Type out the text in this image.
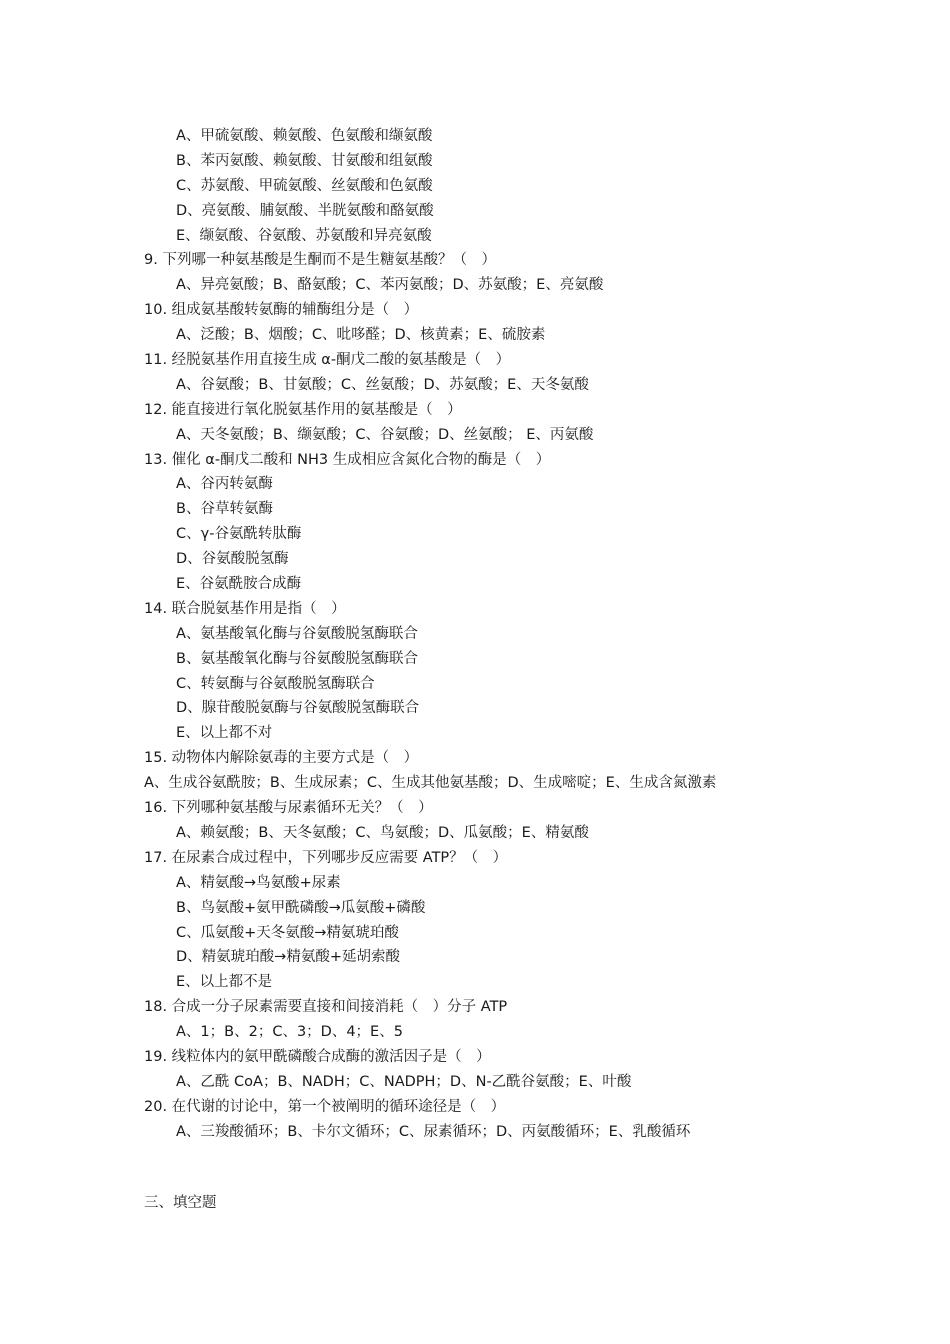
A、甲硫氨酸、赖氨酸、色氨酸和缬氨酸
B、苯丙氨酸、赖氨酸、甘氨酸和组氨酸
C、苏氨酸、甲硫氨酸、丝氨酸和色氨酸
D、亮氨酸、脯氨酸、半胱氨酸和酪氨酸
E、缬氨酸、谷氨酸、苏氨酸和异亮氨酸
9. 下列哪一种氨基酸是生酮而不是生糖氨基酸？（　）
A、异亮氨酸；B、酪氨酸；C、苯丙氨酸；D、苏氨酸；E、亮氨酸
10. 组成氨基酸转氨酶的辅酶组分是（　）
A、泛酸；B、烟酸；C、吡哆醛；D、核黄素；E、硫胺素
11. 经脱氨基作用直接生成 α-酮戊二酸的氨基酸是（　）
A、谷氨酸；B、甘氨酸；C、丝氨酸；D、苏氨酸；E、天冬氨酸
12. 能直接进行氧化脱氨基作用的氨基酸是（　）
A、天冬氨酸；B、缬氨酸；C、谷氨酸；D、丝氨酸； E、丙氨酸
13. 催化 α-酮戊二酸和 NH3 生成相应含氮化合物的酶是（　）
A、谷丙转氨酶
B、谷草转氨酶
C、γ-谷氨酰转肽酶
D、谷氨酸脱氢酶
E、谷氨酰胺合成酶
14. 联合脱氨基作用是指（　）
A、氨基酸氧化酶与谷氨酸脱氢酶联合
B、氨基酸氧化酶与谷氨酸脱氢酶联合
C、转氨酶与谷氨酸脱氢酶联合
D、腺苷酸脱氨酶与谷氨酸脱氢酶联合
E、以上都不对
15. 动物体内解除氨毒的主要方式是（　）
A、生成谷氨酰胺；B、生成尿素；C、生成其他氨基酸；D、生成嘧啶；E、生成含氮激素
16. 下列哪种氨基酸与尿素循环无关？（　）
A、赖氨酸；B、天冬氨酸；C、鸟氨酸；D、瓜氨酸；E、精氨酸
17. 在尿素合成过程中，下列哪步反应需要 ATP？（　）
A、精氨酸→鸟氨酸+尿素
B、鸟氨酸+氨甲酰磷酸→瓜氨酸+磷酸
C、瓜氨酸+天冬氨酸→精氨琥珀酸
D、精氨琥珀酸→精氨酸+延胡索酸
E、以上都不是
18. 合成一分子尿素需要直接和间接消耗（　）分子 ATP
A、1；B、2；C、3；D、4；E、5
19. 线粒体内的氨甲酰磷酸合成酶的激活因子是（　）
A、乙酰 CoA；B、NADH；C、NADPH；D、N-乙酰谷氨酸；E、叶酸
20. 在代谢的讨论中，第一个被阐明的循环途径是（　）
A、三羧酸循环；B、卡尔文循环；C、尿素循环；D、丙氨酸循环；E、乳酸循环
三、填空题
